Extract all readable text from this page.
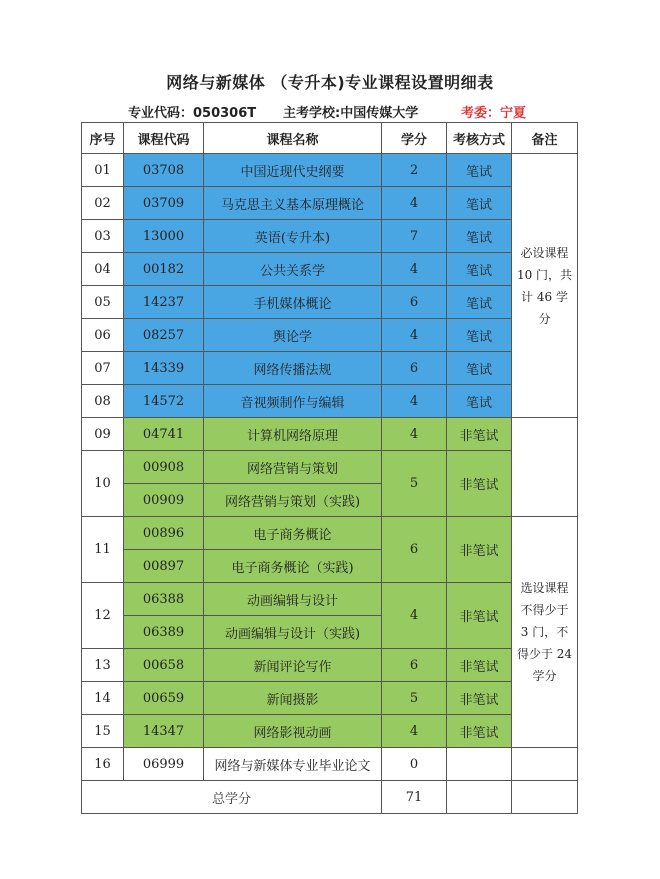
网络与新媒体 （专升本)专业课程设置明细表
专业代码：050306T 主考学校:中国传媒大学	考委：宁夏
序号	课程代码	课程名称	学分	考核方式	备注
01	03708	中国近现代史纲要	2	笔试	必设课程 10 门，共计 46 学分
02	03709	马克思主义基本原理概论	4	笔试	
03	13000	英语(专升本)	7	笔试	
04	00182	公共关系学	4	笔试	
05	14237	手机媒体概论	6	笔试	
06	08257	舆论学	4	笔试	
07	14339	网络传播法规	6	笔试	
08	14572	音视频制作与编辑	4	笔试	
09	04741	计算机网络原理	4	非笔试	
10	00908	网络营销与策划	5	非笔试	
	00909	网络营销与策划（实践)			
11	00896	电子商务概论	6	非笔试	选设课程不得少于 3 门，不得少于 24 学分
	00897	电子商务概论（实践)			
12	06388	动画编辑与设计	4	非笔试	
	06389	动画编辑与设计（实践)			
13	00658	新闻评论写作	6	非笔试	
14	00659	新闻摄影	5	非笔试	
15	14347	网络影视动画	4	非笔试	
16	06999	网络与新媒体专业毕业论文	0		
总学分			71		
